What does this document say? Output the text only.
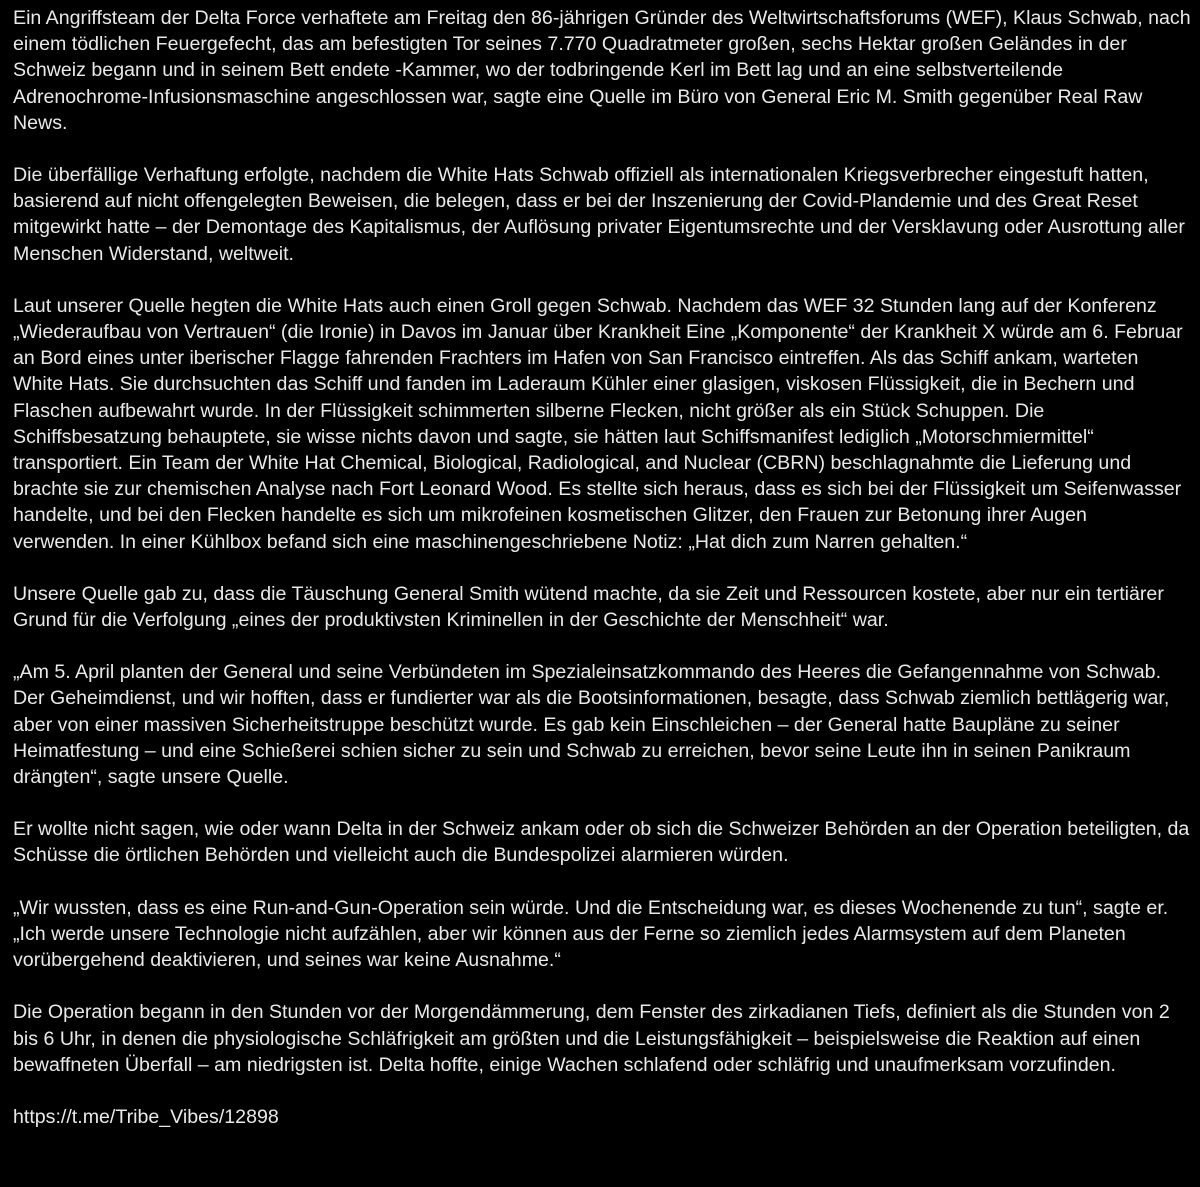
Ein Angriffsteam der Delta Force verhaftete am Freitag den 86-jährigen Gründer des Weltwirtschaftsforums (WEF), Klaus Schwab, nach einem tödlichen Feuergefecht, das am befestigten Tor seines 7.770 Quadratmeter großen, sechs Hektar großen Geländes in der Schweiz begann und in seinem Bett endete -Kammer, wo der todbringende Kerl im Bett lag und an eine selbstverteilende Adrenochrome-Infusionsmaschine angeschlossen war, sagte eine Quelle im Büro von General Eric M. Smith gegenüber Real Raw News.

Die überfällige Verhaftung erfolgte, nachdem die White Hats Schwab offiziell als internationalen Kriegsverbrecher eingestuft hatten, basierend auf nicht offengelegten Beweisen, die belegen, dass er bei der Inszenierung der Covid-Plandemie und des Great Reset mitgewirkt hatte – der Demontage des Kapitalismus, der Auflösung privater Eigentumsrechte und der Versklavung oder Ausrottung aller Menschen Widerstand, weltweit.

Laut unserer Quelle hegten die White Hats auch einen Groll gegen Schwab. Nachdem das WEF 32 Stunden lang auf der Konferenz „Wiederaufbau von Vertrauen“ (die Ironie) in Davos im Januar über Krankheit Eine „Komponente“ der Krankheit X würde am 6. Februar an Bord eines unter iberischer Flagge fahrenden Frachters im Hafen von San Francisco eintreffen. Als das Schiff ankam, warteten White Hats. Sie durchsuchten das Schiff und fanden im Laderaum Kühler einer glasigen, viskosen Flüssigkeit, die in Bechern und Flaschen aufbewahrt wurde. In der Flüssigkeit schimmerten silberne Flecken, nicht größer als ein Stück Schuppen. Die Schiffsbesatzung behauptete, sie wisse nichts davon und sagte, sie hätten laut Schiffsmanifest lediglich „Motorschmiermittel“ transportiert. Ein Team der White Hat Chemical, Biological, Radiological, and Nuclear (CBRN) beschlagnahmte die Lieferung und brachte sie zur chemischen Analyse nach Fort Leonard Wood. Es stellte sich heraus, dass es sich bei der Flüssigkeit um Seifenwasser handelte, und bei den Flecken handelte es sich um mikrofeinen kosmetischen Glitzer, den Frauen zur Betonung ihrer Augen verwenden. In einer Kühlbox befand sich eine maschinengeschriebene Notiz: „Hat dich zum Narren gehalten.“

Unsere Quelle gab zu, dass die Täuschung General Smith wütend machte, da sie Zeit und Ressourcen kostete, aber nur ein tertiärer Grund für die Verfolgung „eines der produktivsten Kriminellen in der Geschichte der Menschheit“ war.

„Am 5. April planten der General und seine Verbündeten im Spezialeinsatzkommando des Heeres die Gefangennahme von Schwab. Der Geheimdienst, und wir hofften, dass er fundierter war als die Bootsinformationen, besagte, dass Schwab ziemlich bettlägerig war, aber von einer massiven Sicherheitstruppe beschützt wurde. Es gab kein Einschleichen – der General hatte Baupläne zu seiner Heimatfestung – und eine Schießerei schien sicher zu sein und Schwab zu erreichen, bevor seine Leute ihn in seinen Panikraum drängten“, sagte unsere Quelle.

Er wollte nicht sagen, wie oder wann Delta in der Schweiz ankam oder ob sich die Schweizer Behörden an der Operation beteiligten, da Schüsse die örtlichen Behörden und vielleicht auch die Bundespolizei alarmieren würden.

„Wir wussten, dass es eine Run-and-Gun-Operation sein würde. Und die Entscheidung war, es dieses Wochenende zu tun“, sagte er. „Ich werde unsere Technologie nicht aufzählen, aber wir können aus der Ferne so ziemlich jedes Alarmsystem auf dem Planeten vorübergehend deaktivieren, und seines war keine Ausnahme.“

Die Operation begann in den Stunden vor der Morgendämmerung, dem Fenster des zirkadianen Tiefs, definiert als die Stunden von 2 bis 6 Uhr, in denen die physiologische Schläfrigkeit am größten und die Leistungsfähigkeit – beispielsweise die Reaktion auf einen bewaffneten Überfall – am niedrigsten ist. Delta hoffte, einige Wachen schlafend oder schläfrig und unaufmerksam vorzufinden.

https://t.me/Tribe_Vibes/12898
